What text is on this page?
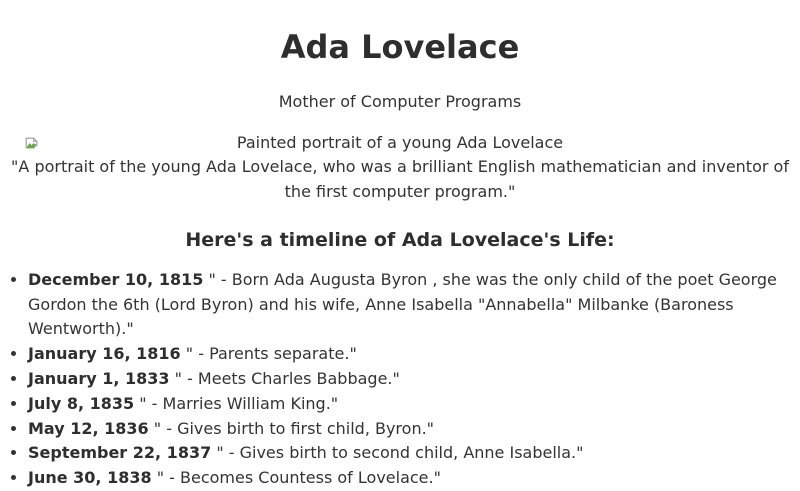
Ada Lovelace

Mother of Computer Programs

Painted portrait of a young Ada Lovelace

"A portrait of the young Ada Lovelace, who was a brilliant English mathematician and inventor of the first computer program."

Here's a timeline of Ada Lovelace's Life:
• December 10, 1815 " - Born Ada Augusta Byron , she was the only child of the poet George Gordon the 6th (Lord Byron) and his wife, Anne Isabella "Annabella" Milbanke (Baroness Wentworth)."
• January 16, 1816 " - Parents separate."
• January 1, 1833 " - Meets Charles Babbage."
• July 8, 1835 " - Marries William King."
• May 12, 1836 " - Gives birth to first child, Byron."
• September 22, 1837 " - Gives birth to second child, Anne Isabella."
• June 30, 1838 " - Becomes Countess of Lovelace."
